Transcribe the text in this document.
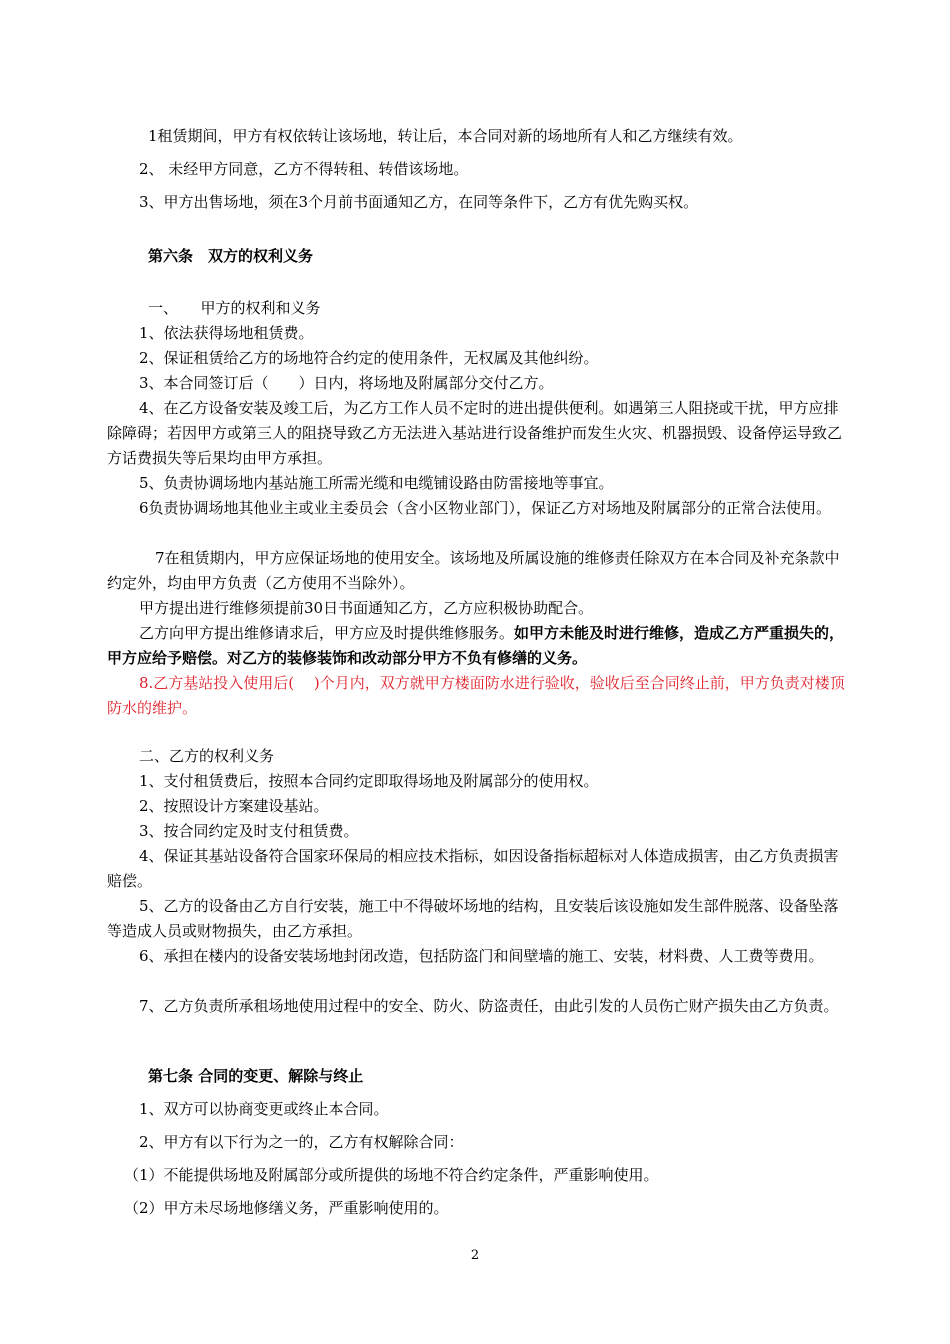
1租赁期间，甲方有权依转让该场地，转让后，本合同对新的场地所有人和乙方继续有效。

2、 未经甲方同意，乙方不得转租、转借该场地。

3、甲方出售场地，须在3个月前书面通知乙方，在同等条件下，乙方有优先购买权。

第六条　双方的权利义务

一、　　甲方的权利和义务

1、依法获得场地租赁费。

2、保证租赁给乙方的场地符合约定的使用条件，无权属及其他纠纷。

3、本合同签订后（　　）日内，将场地及附属部分交付乙方。

4、在乙方设备安装及竣工后，为乙方工作人员不定时的进出提供便利。如遇第三人阻挠或干扰，甲方应排除障碍；若因甲方或第三人的阻挠导致乙方无法进入基站进行设备维护而发生火灾、机器损毁、设备停运导致乙方话费损失等后果均由甲方承担。

5、负责协调场地内基站施工所需光缆和电缆铺设路由防雷接地等事宜。

6负责协调场地其他业主或业主委员会（含小区物业部门），保证乙方对场地及附属部分的正常合法使用。

7在租赁期内，甲方应保证场地的使用安全。该场地及所属设施的维修责任除双方在本合同及补充条款中约定外，均由甲方负责（乙方使用不当除外）。

甲方提出进行维修须提前30日书面通知乙方，乙方应积极协助配合。

乙方向甲方提出维修请求后，甲方应及时提供维修服务。如甲方未能及时进行维修，造成乙方严重损失的，甲方应给予赔偿。对乙方的装修装饰和改动部分甲方不负有修缮的义务。

8.乙方基站投入使用后(　 )个月内，双方就甲方楼面防水进行验收，验收后至合同终止前，甲方负责对楼顶防水的维护。

二、乙方的权利义务

1、支付租赁费后，按照本合同约定即取得场地及附属部分的使用权。

2、按照设计方案建设基站。

3、按合同约定及时支付租赁费。

4、保证其基站设备符合国家环保局的相应技术指标，如因设备指标超标对人体造成损害，由乙方负责损害赔偿。

5、乙方的设备由乙方自行安装，施工中不得破坏场地的结构，且安装后该设施如发生部件脱落、设备坠落等造成人员或财物损失，由乙方承担。

6、承担在楼内的设备安装场地封闭改造，包括防盗门和间壁墙的施工、安装，材料费、人工费等费用。

7、乙方负责所承租场地使用过程中的安全、防火、防盗责任，由此引发的人员伤亡财产损失由乙方负责。

第七条 合同的变更、解除与终止

1、双方可以协商变更或终止本合同。

2、甲方有以下行为之一的，乙方有权解除合同：

（1）不能提供场地及附属部分或所提供的场地不符合约定条件，严重影响使用。

（2）甲方未尽场地修缮义务，严重影响使用的。

2
